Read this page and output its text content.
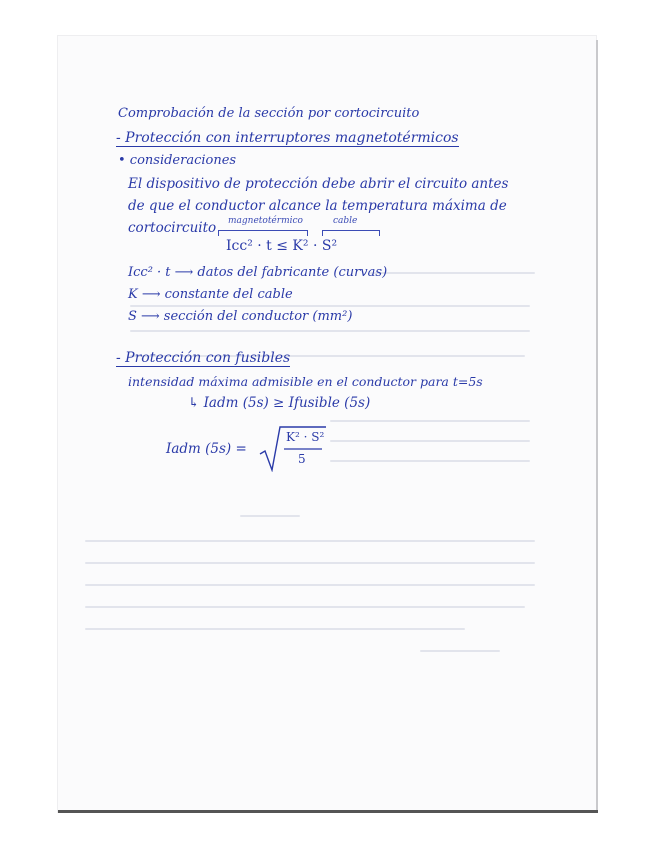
Comprobación de la sección por cortocircuito
- Protección con interruptores magnetotérmicos
• consideraciones
El dispositivo de protección debe abrir el circuito antes
de que el conductor alcance la temperatura máxima de
cortocircuito magnetotérmico	cable
Icc² · t ≤ K² · S²
Icc² · t ⟶ datos del fabricante (curvas)
K ⟶ constante del cable
S ⟶ sección del conductor (mm²)
- Protección con fusibles
intensidad máxima admisible en el conductor para t=5s
↳ Iadm (5s) ≥ Ifusible (5s)
Iadm (5s) =
K² · S²
5
